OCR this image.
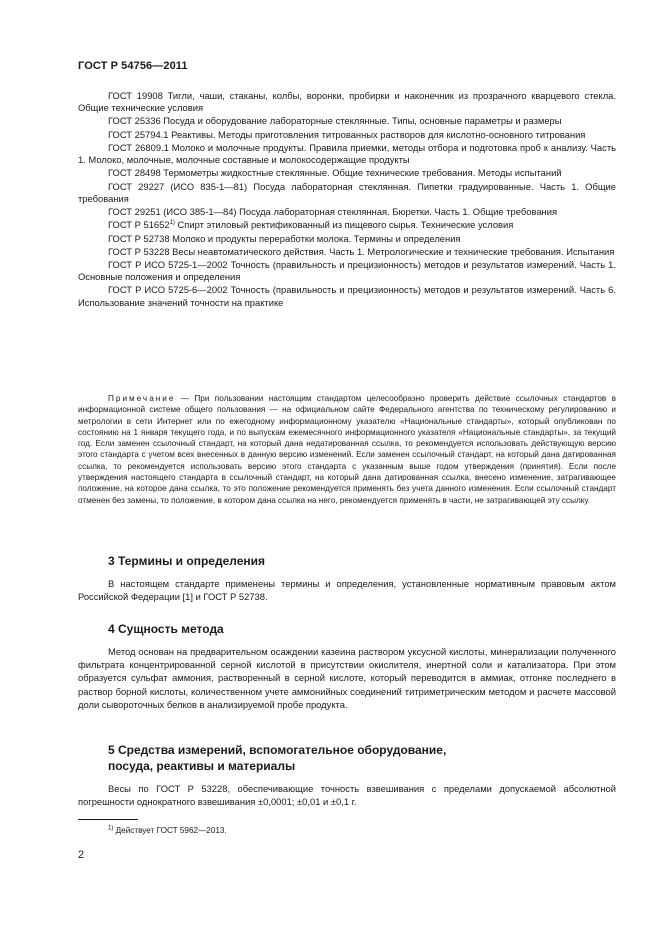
ГОСТ Р 54756—2011

ГОСТ 19908 Тигли, чаши, стаканы, колбы, воронки, пробирки и наконечник из прозрачного кварцевого стекла. Общие технические условия

ГОСТ 25336 Посуда и оборудование лабораторные стеклянные. Типы, основные параметры и размеры

ГОСТ 25794.1 Реактивы. Методы приготовления титрованных растворов для кислотно-основного титрования

ГОСТ 26809.1 Молоко и молочные продукты. Правила приемки, методы отбора и подготовка проб к анализу. Часть 1. Молоко, молочные, молочные составные и молокосодержащие продукты

ГОСТ 28498 Термометры жидкостные стеклянные. Общие технические требования. Методы испытаний

ГОСТ 29227 (ИСО 835-1—81) Посуда лабораторная стеклянная. Пипетки градуированные. Часть 1. Общие требования

ГОСТ 29251 (ИСО 385-1—84) Посуда лабораторная стеклянная. Бюретки. Часть 1. Общие требования

ГОСТ Р 51652$^{1)}$ Спирт этиловый ректификованный из пищевого сырья. Технические условия

ГОСТ Р 52738 Молоко и продукты переработки молока. Термины и определения

ГОСТ Р 53228 Весы неавтоматического действия. Часть 1. Метрологические и технические требования. Испытания

ГОСТ Р ИСО 5725-1—2002 Точность (правильность и прецизионность) методов и результатов измерений. Часть 1. Основные положения и определения

ГОСТ Р ИСО 5725-6—2002 Точность (правильность и прецизионность) методов и результатов измерений. Часть 6. Использование значений точности на практике

Примечание — При пользовании настоящим стандартом целесообразно проверить действие ссылочных стандартов в информационной системе общего пользования — на официальном сайте Федерального агентства по техническому регулированию и метрологии в сети Интернет или по ежегодному информационному указателю «Национальные стандарты», который опубликован по состоянию на 1 января текущего года, и по выпускам ежемесячного информационного указателя «Национальные стандарты», за текущий год. Если заменен ссылочный стандарт, на который дана недатированная ссылка, то рекомендуется использовать действующую версию этого стандарта с учетом всех внесенных в данную версию изменений. Если заменен ссылочный стандарт, на который дана датированная ссылка, то рекомендуется использовать версию этого стандарта с указанным выше годом утверждения (принятия). Если после утверждения настоящего стандарта в ссылочный стандарт, на который дана датированная ссылка, внесено изменение, затрагивающее положение, на которое дана ссылка, то это положение рекомендуется применять без учета данного изменения. Если ссылочный стандарт отменен без замены, то положение, в котором дана ссылка на него, рекомендуется применять в части, не затрагивающей эту ссылку.

3 Термины и определения

В настоящем стандарте применены термины и определения, установленные нормативным правовым актом Российской Федерации [1] и ГОСТ Р 52738.

4 Сущность метода

Метод основан на предварительном осаждении казеина раствором уксусной кислоты, минерализации полученного фильтрата концентрированной серной кислотой в присутствии окислителя, инертной соли и катализатора. При этом образуется сульфат аммония, растворенный в серной кислоте, который переводится в аммиак, отгонке последнего в раствор борной кислоты, количественном учете аммонийных соединений титриметрическим методом и расчете массовой доли сывороточных белков в анализируемой пробе продукта.

5 Средства измерений, вспомогательное оборудование,
посуда, реактивы и материалы

Весы по ГОСТ Р 53228, обеспечивающие точность взвешивания с пределами допускаемой абсолютной погрешности однократного взвешивания ±0,0001; ±0,01 и ±0,1 г.

$^{1)}$ Действует ГОСТ 5962—2013.
2
